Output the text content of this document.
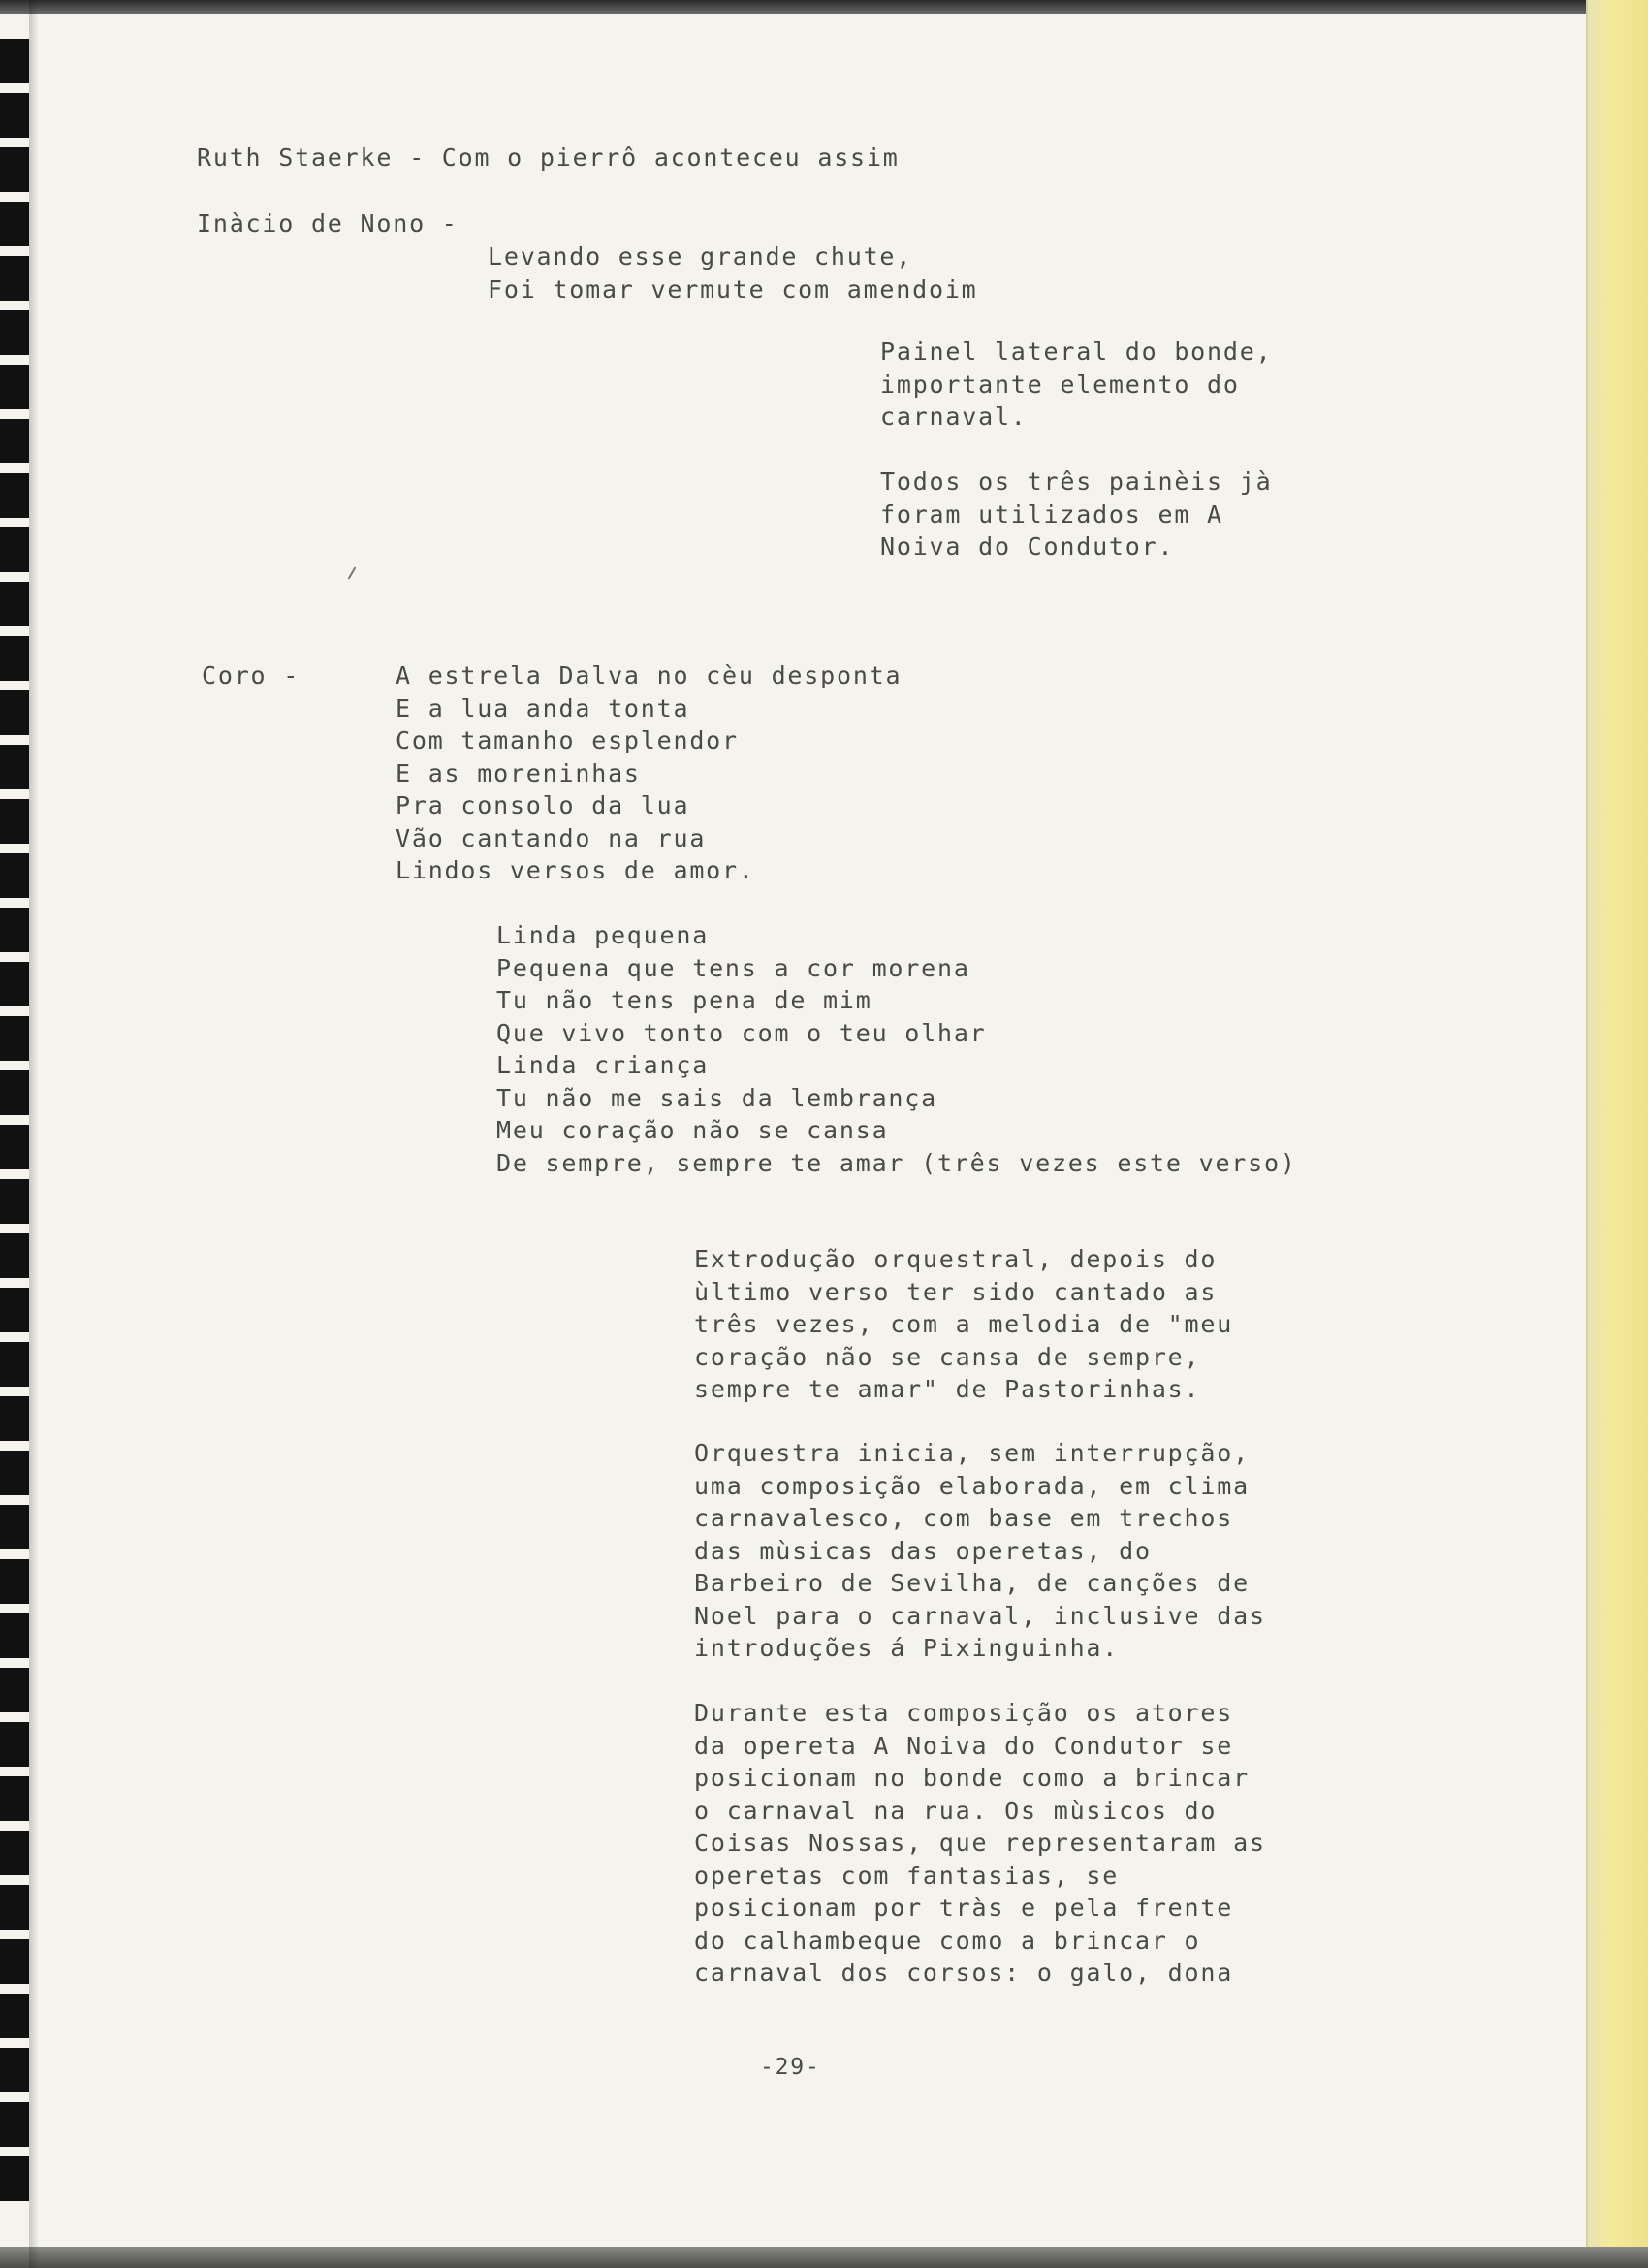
Ruth Staerke - Com o pierrô aconteceu assim

Inàcio de Nono -

Levando esse grande chute,
Foi tomar vermute com amendoim

Painel lateral do bonde,
importante elemento do
carnaval.

Todos os três painèis jà
foram utilizados em A
Noiva do Condutor.

Coro -	A estrela Dalva no cèu desponta
E a lua anda tonta
Com tamanho esplendor
E as moreninhas
Pra consolo da lua
Vão cantando na rua
Lindos versos de amor.

Linda pequena
Pequena que tens a cor morena
Tu não tens pena de mim
Que vivo tonto com o teu olhar
Linda criança
Tu não me sais da lembrança
Meu coração não se cansa
De sempre, sempre te amar (três vezes este verso)

Extrodução orquestral, depois do
ùltimo verso ter sido cantado as
três vezes, com a melodia de "meu
coração não se cansa de sempre,
sempre te amar" de Pastorinhas.

Orquestra inicia, sem interrupção,
uma composição elaborada, em clima
carnavalesco, com base em trechos
das mùsicas das operetas, do
Barbeiro de Sevilha, de canções de
Noel para o carnaval, inclusive das
introduções á Pixinguinha.

Durante esta composição os atores
da opereta A Noiva do Condutor se
posicionam no bonde como a brincar
o carnaval na rua. Os mùsicos do
Coisas Nossas, que representaram as
operetas com fantasias, se
posicionam por tràs e pela frente
do calhambeque como a brincar o
carnaval dos corsos: o galo, dona

-29-
